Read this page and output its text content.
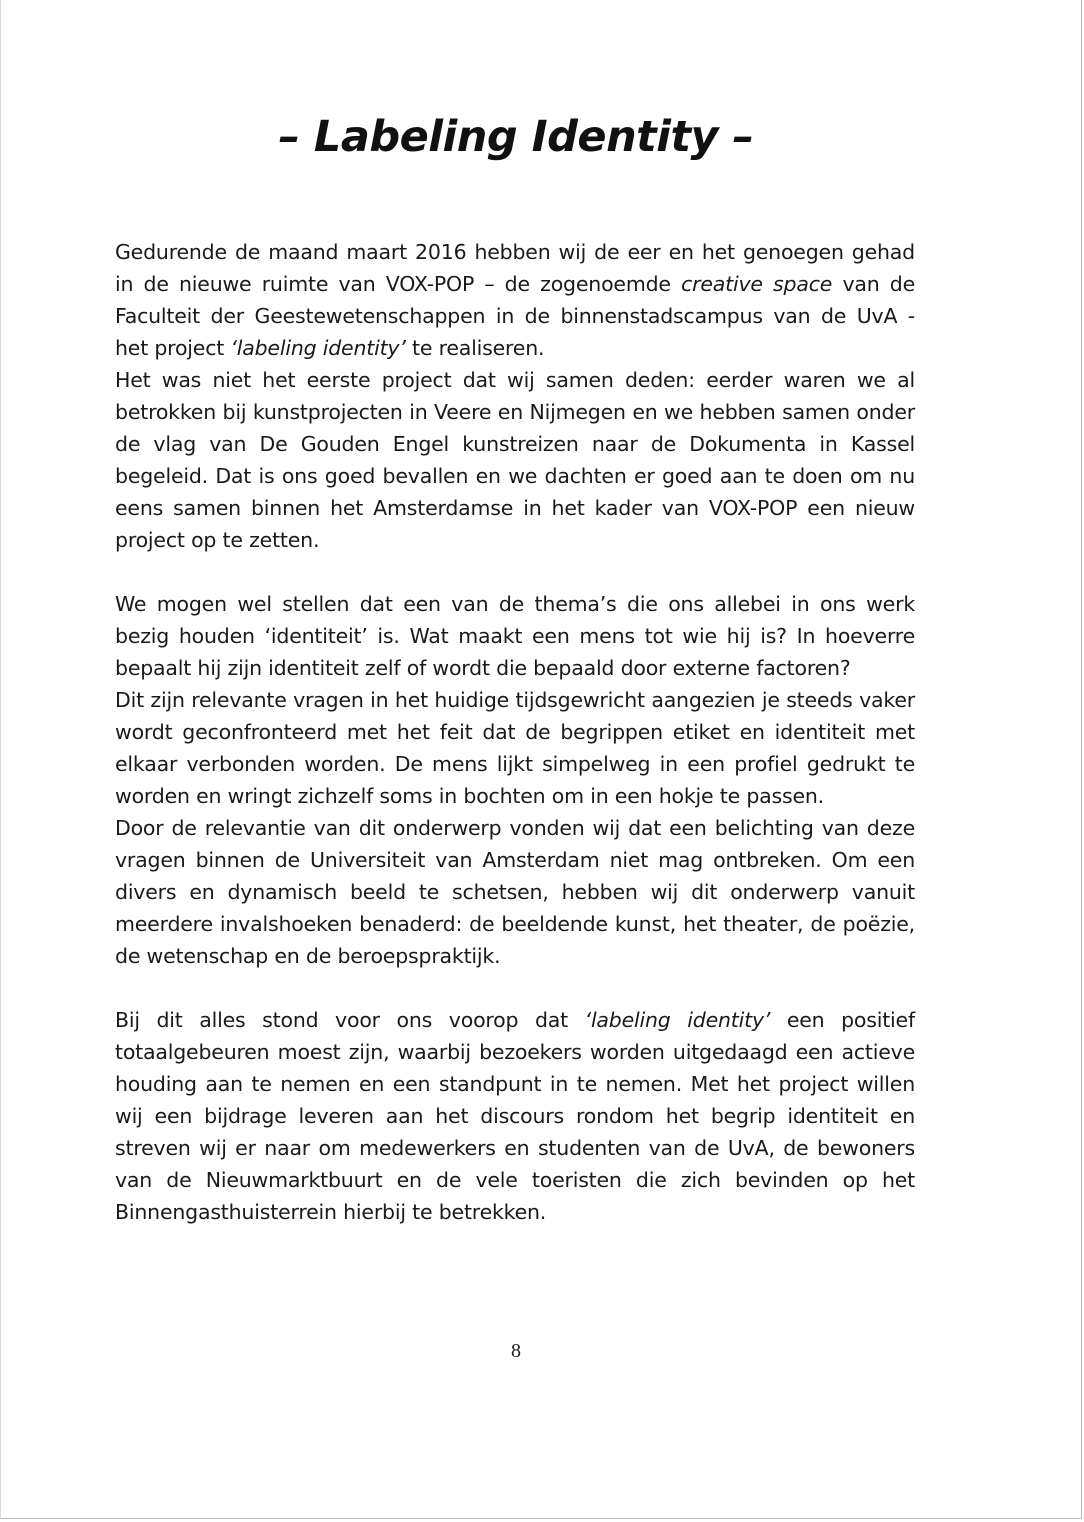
– Labeling Identity –

Gedurende de maand maart 2016 hebben wij de eer en het genoegen gehad in de nieuwe ruimte van VOX-POP – de zogenoemde creative space van de Faculteit der Geestewetenschappen in de binnenstadscampus van de UvA - het project ‘labeling identity’ te realiseren.

Het was niet het eerste project dat wij samen deden: eerder waren we al betrokken bij kunstprojecten in Veere en Nijmegen en we hebben samen onder de vlag van De Gouden Engel kunstreizen naar de Dokumenta in Kassel begeleid. Dat is ons goed bevallen en we dachten er goed aan te doen om nu eens samen binnen het Amsterdamse in het kader van VOX-POP een nieuw project op te zetten.

We mogen wel stellen dat een van de thema’s die ons allebei in ons werk bezig houden ‘identiteit’ is. Wat maakt een mens tot wie hij is? In hoeverre bepaalt hij zijn identiteit zelf of wordt die bepaald door externe factoren?

Dit zijn relevante vragen in het huidige tijdsgewricht aangezien je steeds vaker wordt geconfronteerd met het feit dat de begrippen etiket en identiteit met elkaar verbonden worden. De mens lijkt simpelweg in een profiel gedrukt te worden en wringt zichzelf soms in bochten om in een hokje te passen.

Door de relevantie van dit onderwerp vonden wij dat een belichting van deze vragen binnen de Universiteit van Amsterdam niet mag ontbreken. Om een divers en dynamisch beeld te schetsen, hebben wij dit onderwerp vanuit meerdere invalshoeken benaderd: de beeldende kunst, het theater, de poëzie, de wetenschap en de beroepspraktijk.

Bij dit alles stond voor ons voorop dat ‘labeling identity’ een positief totaalgebeuren moest zijn, waarbij bezoekers worden uitgedaagd een actieve houding aan te nemen en een standpunt in te nemen. Met het project willen wij een bijdrage leveren aan het discours rondom het begrip identiteit en streven wij er naar om medewerkers en studenten van de UvA, de bewoners van de Nieuwmarktbuurt en de vele toeristen die zich bevinden op het Binnengasthuisterrein hierbij te betrekken.

8
